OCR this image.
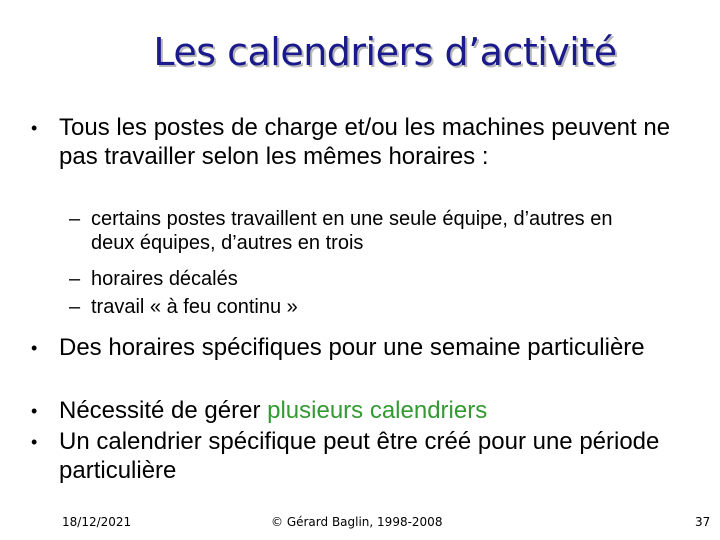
Les calendriers d’activité
• Tous les postes de charge et/ou les machines peuvent ne pas travailler selon les mêmes horaires :
– certains postes travaillent en une seule équipe, d’autres en deux équipes, d’autres en trois
– horaires décalés
– travail « à feu continu »
• Des horaires spécifiques pour une semaine particulière
• Nécessité de gérer plusieurs calendriers
• Un calendrier spécifique peut être créé pour une période particulière
18/12/2021	© Gérard Baglin, 1998-2008	37
